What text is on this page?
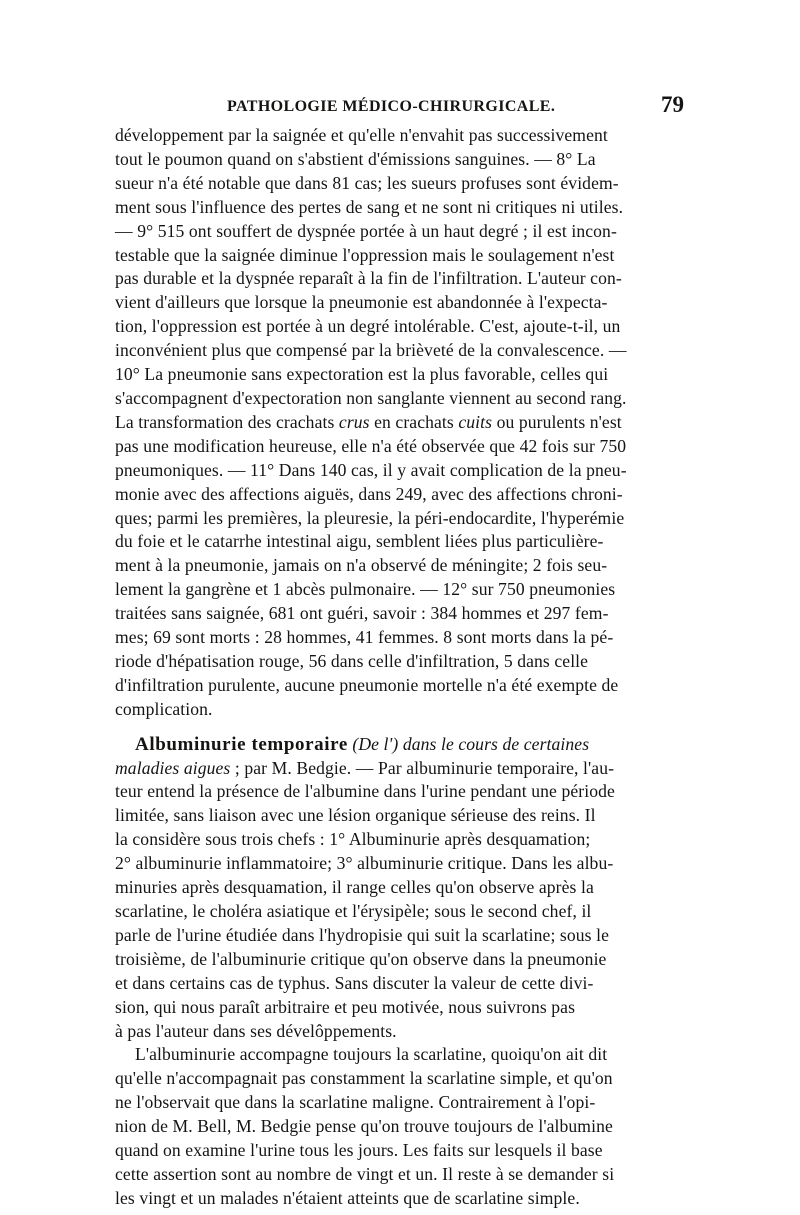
PATHOLOGIE MÉDICO-CHIRURGICALE.	79

développement par la saignée et qu'elle n'envahit pas successivement
tout le poumon quand on s'abstient d'émissions sanguines. — 8° La
sueur n'a été notable que dans 81 cas; les sueurs profuses sont évidem-
ment sous l'influence des pertes de sang et ne sont ni critiques ni utiles.
— 9° 515 ont souffert de dyspnée portée à un haut degré ; il est incon-
testable que la saignée diminue l'oppression mais le soulagement n'est
pas durable et la dyspnée reparaît à la fin de l'infiltration. L'auteur con-
vient d'ailleurs que lorsque la pneumonie est abandonnée à l'expecta-
tion, l'oppression est portée à un degré intolérable. C'est, ajoute-t-il, un
inconvénient plus que compensé par la brièveté de la convalescence. —
10° La pneumonie sans expectoration est la plus favorable, celles qui
s'accompagnent d'expectoration non sanglante viennent au second rang.
La transformation des crachats crus en crachats cuits ou purulents n'est
pas une modification heureuse, elle n'a été observée que 42 fois sur 750
pneumoniques. — 11° Dans 140 cas, il y avait complication de la pneu-
monie avec des affections aiguës, dans 249, avec des affections chroni-
ques; parmi les premières, la pleuresie, la péri-endocardite, l'hyperémie
du foie et le catarrhe intestinal aigu, semblent liées plus particulière-
ment à la pneumonie, jamais on n'a observé de méningite; 2 fois seu-
lement la gangrène et 1 abcès pulmonaire. — 12° sur 750 pneumonies
traitées sans saignée, 681 ont guéri, savoir : 384 hommes et 297 fem-
mes; 69 sont morts : 28 hommes, 41 femmes. 8 sont morts dans la pé-
riode d'hépatisation rouge, 56 dans celle d'infiltration, 5 dans celle
d'infiltration purulente, aucune pneumonie mortelle n'a été exempte de
complication.

Albuminurie temporaire (De l') dans le cours de certaines
maladies aigues ; par M. Bedgie. — Par albuminurie temporaire, l'au-
teur entend la présence de l'albumine dans l'urine pendant une période
limitée, sans liaison avec une lésion organique sérieuse des reins. Il
la considère sous trois chefs : 1° Albuminurie après desquamation;
2° albuminurie inflammatoire; 3° albuminurie critique. Dans les albu-
minuries après desquamation, il range celles qu'on observe après la
scarlatine, le choléra asiatique et l'érysipèle; sous le second chef, il
parle de l'urine étudiée dans l'hydropisie qui suit la scarlatine; sous le
troisième, de l'albuminurie critique qu'on observe dans la pneumonie
et dans certains cas de typhus. Sans discuter la valeur de cette divi-
sion, qui nous paraît arbitraire et peu motivée, nous suivrons pas
à pas l'auteur dans ses dévelôppements.

L'albuminurie accompagne toujours la scarlatine, quoiqu'on ait dit
qu'elle n'accompagnait pas constamment la scarlatine simple, et qu'on
ne l'observait que dans la scarlatine maligne. Contrairement à l'opi-
nion de M. Bell, M. Bedgie pense qu'on trouve toujours de l'albumine
quand on examine l'urine tous les jours. Les faits sur lesquels il base
cette assertion sont au nombre de vingt et un. Il reste à se demander si
les vingt et un malades n'étaient atteints que de scarlatine simple.
